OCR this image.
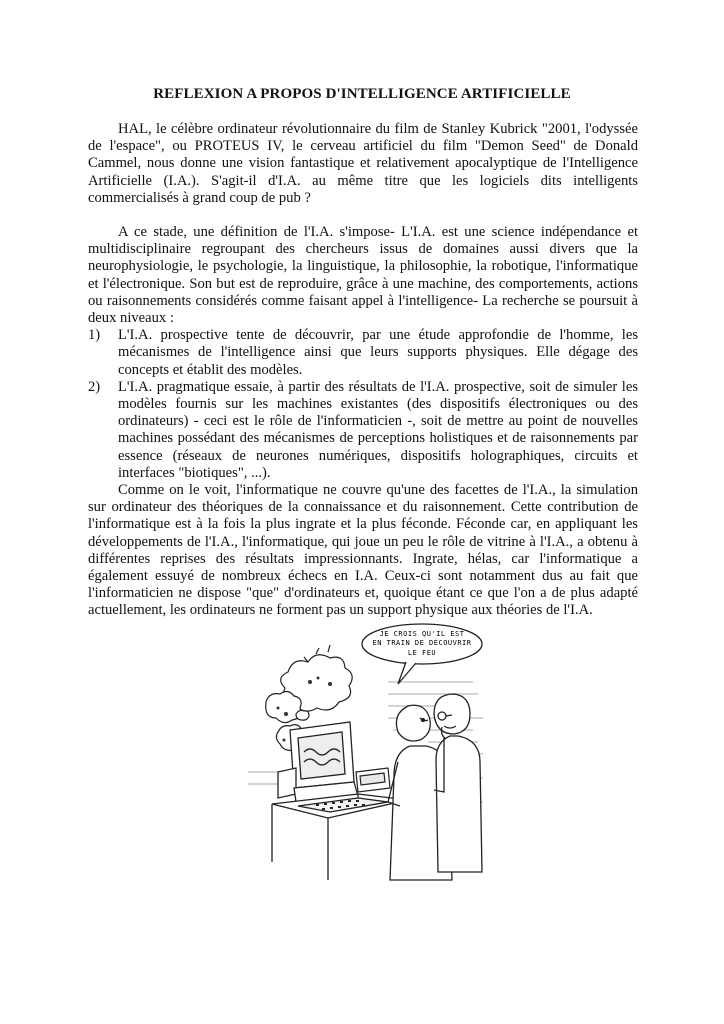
REFLEXION A PROPOS D'INTELLIGENCE ARTIFICIELLE

HAL, le célèbre ordinateur révolutionnaire du film de Stanley Kubrick "2001, l'odyssée de l'espace", ou PROTEUS IV, le cerveau artificiel du film "Demon Seed" de Donald Cammel, nous donne une vision fantastique et relativement apocalyptique de l'Intelligence Artificielle (I.A.). S'agit-il d'I.A. au même titre que les logiciels dits intelligents commercialisés à grand coup de pub ?

A ce stade, une définition de l'I.A. s'impose- L'I.A. est une science indépendance et multidisciplinaire regroupant des chercheurs issus de domaines aussi divers que la neurophysiologie, le psychologie, la linguistique, la philosophie, la robotique, l'informatique et l'électronique. Son but est de reproduire, grâce à une machine, des comportements, actions ou raisonnements considérés comme faisant appel à l'intelligence- La recherche se poursuit à deux niveaux :

1) L'I.A. prospective tente de découvrir, par une étude approfondie de l'homme, les mécanismes de l'intelligence ainsi que leurs supports physiques. Elle dégage des concepts et établit des modèles.

2) L'I.A. pragmatique essaie, à partir des résultats de l'I.A. prospective, soit de simuler les modèles fournis sur les machines existantes (des dispositifs électroniques ou des ordinateurs) - ceci est le rôle de l'informaticien -, soit de mettre au point de nouvelles machines possédant des mécanismes de perceptions holistiques et de raisonnements par essence (réseaux de neurones numériques, dispositifs holographiques, circuits et interfaces "biotiques", ...).

Comme on le voit, l'informatique ne couvre qu'une des facettes de l'I.A., la simulation sur ordinateur des théoriques de la connaissance et du raisonnement. Cette contribution de l'informatique est à la fois la plus ingrate et la plus féconde. Féconde car, en appliquant les développements de l'I.A., l'informatique, qui joue un peu le rôle de vitrine à l'I.A., a obtenu à différentes reprises des résultats impressionnants. Ingrate, hélas, car l'informatique a également essuyé de nombreux échecs en I.A. Ceux-ci sont notamment dus au fait que l'informaticien ne dispose "que" d'ordinateurs et, quoique étant ce que l'on a de plus adapté actuellement, les ordinateurs ne forment pas un support physique aux théories de l'I.A.

JE CROIS QU'IL EST
EN TRAIN DE DÉCOUVRIR
LE FEU
